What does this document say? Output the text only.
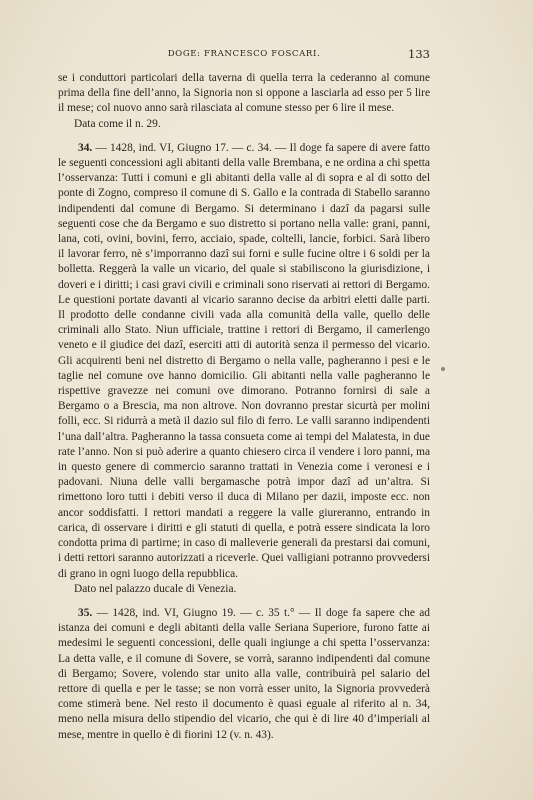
DOGE: FRANCESCO FOSCARI.	133

se i conduttori particolari della taverna di quella terra la cederanno al comune prima della fine dell’anno, la Signoria non si oppone a lasciarla ad esso per 5 lire il mese; col nuovo anno sarà rilasciata al comune stesso per 6 lire il mese.

Data come il n. 29.

34. — 1428, ind. VI, Giugno 17. — c. 34. — Il doge fa sapere di avere fatto le seguenti concessioni agli abitanti della valle Brembana, e ne ordina a chi spetta l’osservanza: Tutti i comuni e gli abitanti della valle al di sopra e al di sotto del ponte di Zogno, compreso il comune di S. Gallo e la contrada di Stabello saranno indipendenti dal comune di Bergamo. Si determinano i dazî da pagarsi sulle seguenti cose che da Bergamo e suo distretto si portano nella valle: grani, panni, lana, coti, ovini, bovini, ferro, acciaio, spade, coltelli, lancie, forbici. Sarà libero il lavorar ferro, nè s’imporranno dazî sui forni e sulle fucine oltre i 6 soldi per la bolletta. Reggerà la valle un vicario, del quale si stabiliscono la giurisdizione, i doveri e i diritti; i casi gravi civili e criminali sono riservati ai rettori di Bergamo. Le questioni portate davanti al vicario saranno decise da arbitri eletti dalle parti. Il prodotto delle condanne civili vada alla comunità della valle, quello delle criminali allo Stato. Niun ufficiale, trattine i rettori di Bergamo, il camerlengo veneto e il giudice dei dazî, eserciti atti di autorità senza il permesso del vicario. Gli acquirenti beni nel distretto di Bergamo o nella valle, pagheranno i pesi e le taglie nel comune ove hanno domicilio. Gli abitanti nella valle pagheranno le rispettive gravezze nei comuni ove dimorano. Potranno fornirsi di sale a Bergamo o a Brescia, ma non altrove. Non dovranno prestar sicurtà per molini folli, ecc. Si ridurrà a metà il dazio sul filo di ferro. Le valli saranno indipendenti l’una dall’altra. Pagheranno la tassa consueta come ai tempi del Malatesta, in due rate l’anno. Non si può aderire a quanto chiesero circa il vendere i loro panni, ma in questo genere di commercio saranno trattati in Venezia come i veronesi e i padovani. Niuna delle valli bergamasche potrà impor dazî ad un’altra. Si rimettono loro tutti i debiti verso il duca di Milano per dazii, imposte ecc. non ancor soddisfatti. I rettori mandati a reggere la valle giureranno, entrando in carica, di osservare i diritti e gli statuti di quella, e potrà essere sindicata la loro condotta prima di partirne; in caso di malleverie generali da prestarsi dai comuni, i detti rettori saranno autorizzati a riceverle. Quei valligiani potranno provvedersi di grano in ogni luogo della repubblica.

Dato nel palazzo ducale di Venezia.

35. — 1428, ind. VI, Giugno 19. — c. 35 t.° — Il doge fa sapere che ad istanza dei comuni e degli abitanti della valle Seriana Superiore, furono fatte ai medesimi le seguenti concessioni, delle quali ingiunge a chi spetta l’osservanza: La detta valle, e il comune di Sovere, se vorrà, saranno indipendenti dal comune di Bergamo; Sovere, volendo star unito alla valle, contribuirà pel salario del rettore di quella e per le tasse; se non vorrà esser unito, la Signoria provvederà come stimerà bene. Nel resto il documento è quasi eguale al riferito al n. 34, meno nella misura dello stipendio del vicario, che qui è di lire 40 d’imperiali al mese, mentre in quello è di fiorini 12 (v. n. 43).
